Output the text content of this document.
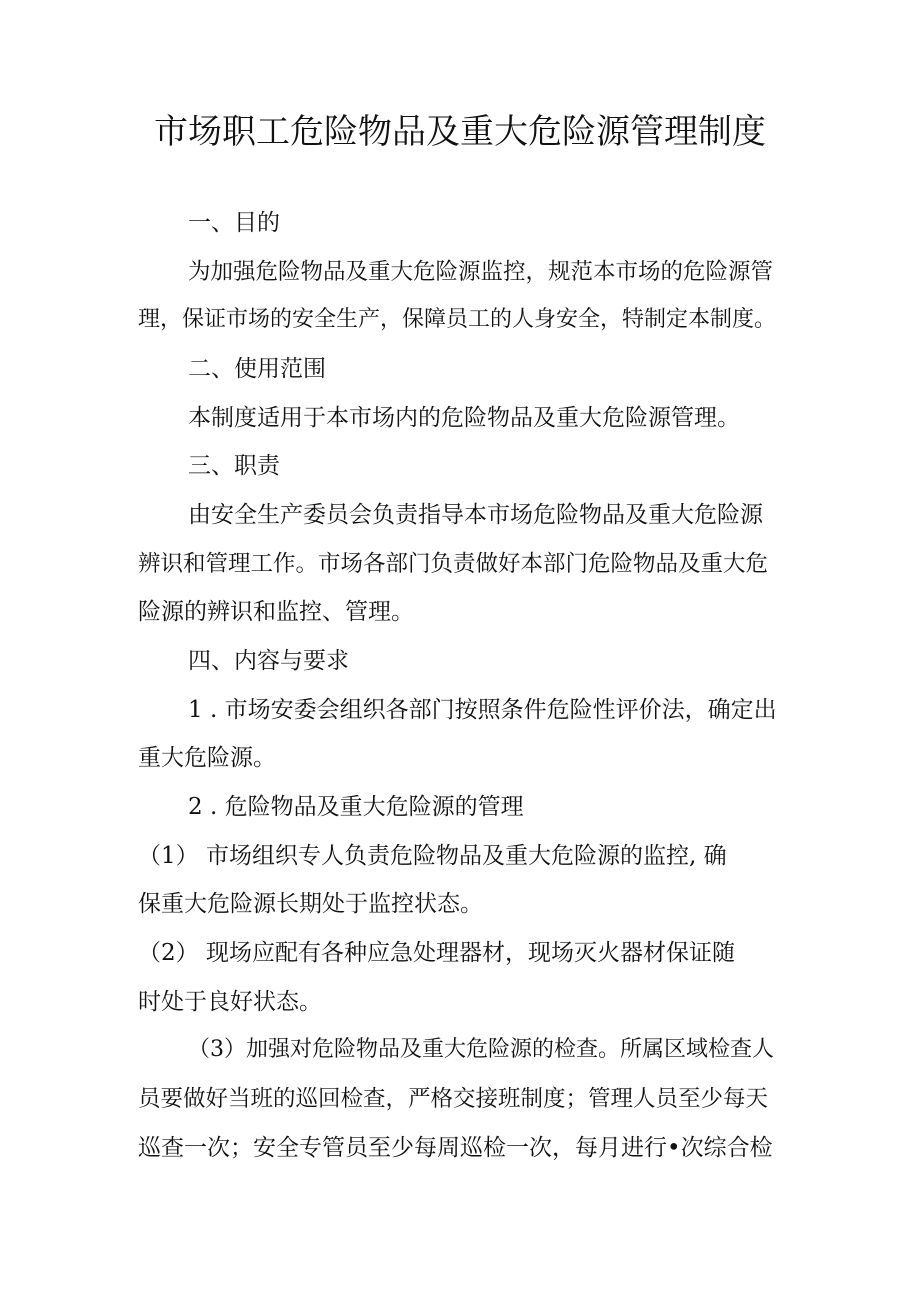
市场职工危险物品及重大危险源管理制度

一、目的

为加强危险物品及重大危险源监控，规范本市场的危险源管

理，保证市场的安全生产，保障员工的人身安全，特制定本制度。

二、使用范围

本制度适用于本市场内的危险物品及重大危险源管理。

三、职责

由安全生产委员会负责指导本市场危险物品及重大危险源

辨识和管理工作。市场各部门负责做好本部门危险物品及重大危

险源的辨识和监控、管理。

四、内容与要求

1 . 市场安委会组织各部门按照条件危险性评价法，确定出

重大危险源。

2 . 危险物品及重大危险源的管理

（1） 市场组织专人负责危险物品及重大危险源的监控, 确

保重大危险源长期处于监控状态。

（2） 现场应配有各种应急处理器材，现场灭火器材保证随

时处于良好状态。

（3）加强对危险物品及重大危险源的检查。所属区域检查人

员要做好当班的巡回检查，严格交接班制度；管理人员至少每天

巡查一次；安全专管员至少每周巡检一次，每月进行•次综合检
